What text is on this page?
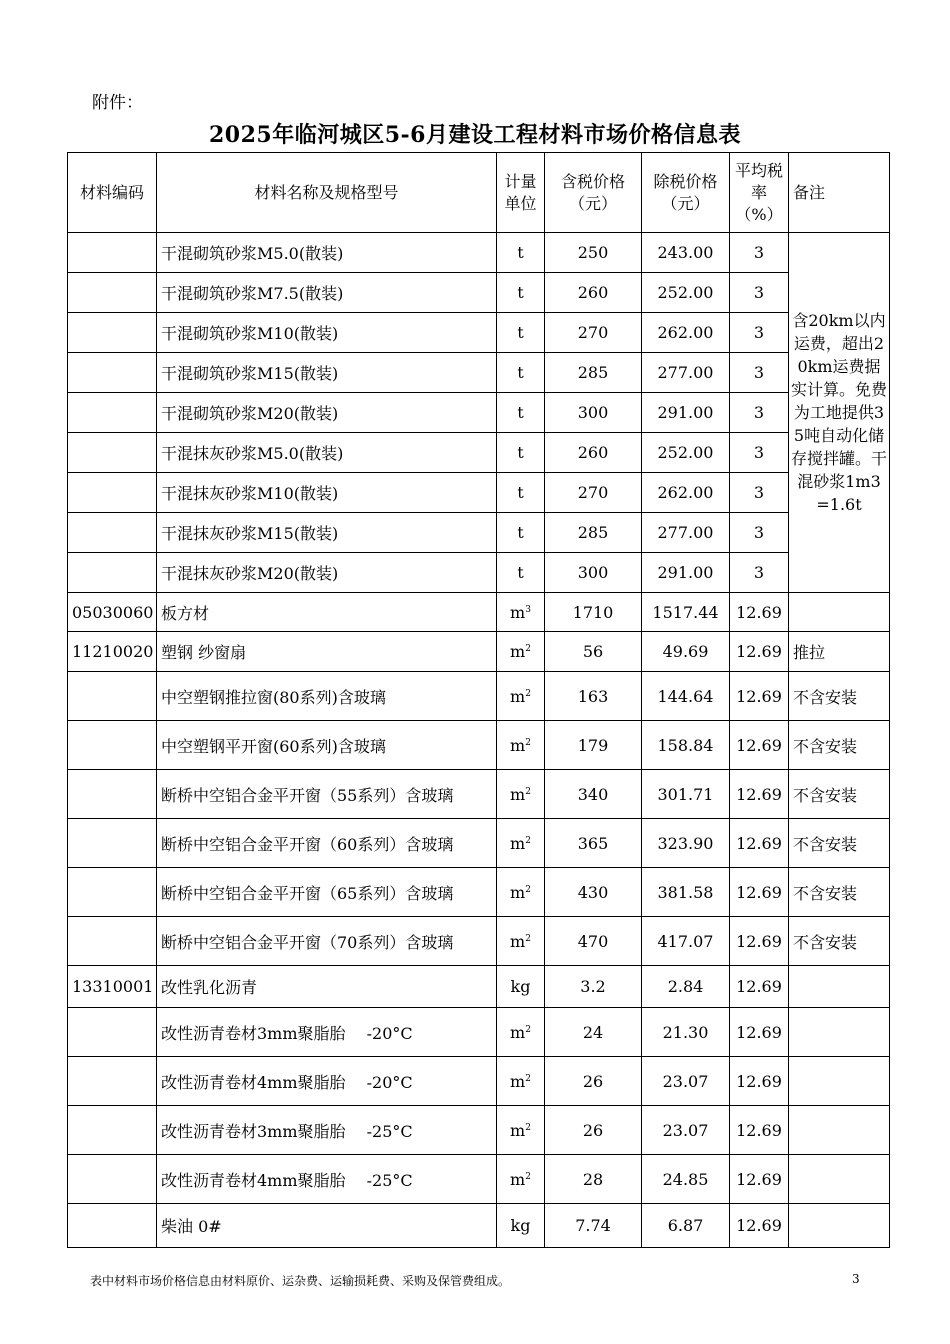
附件：
2025年临河城区5-6月建设工程材料市场价格信息表
材料编码	材料名称及规格型号	计量单位	含税价格（元）	除税价格（元）	平均税率（%）	备注
	干混砌筑砂浆M5.0(散装)	t	250	243.00	3	含20km以内运费，超出20km运费据实计算。免费为工地提供35吨自动化储存搅拌罐。干混砂浆1m3=1.6t
	干混砌筑砂浆M7.5(散装)	t	260	252.00	3	
	干混砌筑砂浆M10(散装)	t	270	262.00	3	
	干混砌筑砂浆M15(散装)	t	285	277.00	3	
	干混砌筑砂浆M20(散装)	t	300	291.00	3	
	干混抹灰砂浆M5.0(散装)	t	260	252.00	3	
	干混抹灰砂浆M10(散装)	t	270	262.00	3	
	干混抹灰砂浆M15(散装)	t	285	277.00	3	
	干混抹灰砂浆M20(散装)	t	300	291.00	3	
05030060	板方材	$m^3$	1710	1517.44	12.69	
11210020	塑钢 纱窗扇	$m^2$	56	49.69	12.69	推拉
	中空塑钢推拉窗(80系列)含玻璃	$m^2$	163	144.64	12.69	不含安装
	中空塑钢平开窗(60系列)含玻璃	$m^2$	179	158.84	12.69	不含安装
	断桥中空铝合金平开窗（55系列）含玻璃	$m^2$	340	301.71	12.69	不含安装
	断桥中空铝合金平开窗（60系列）含玻璃	$m^2$	365	323.90	12.69	不含安装
	断桥中空铝合金平开窗（65系列）含玻璃	$m^2$	430	381.58	12.69	不含安装
	断桥中空铝合金平开窗（70系列）含玻璃	$m^2$	470	417.07	12.69	不含安装
13310001	改性乳化沥青	kg	3.2	2.84	12.69	
	改性沥青卷材3mm聚脂胎　 -20°C	$m^2$	24	21.30	12.69	
	改性沥青卷材4mm聚脂胎　 -20°C	$m^2$	26	23.07	12.69	
	改性沥青卷材3mm聚脂胎　 -25°C	$m^2$	26	23.07	12.69	
	改性沥青卷材4mm聚脂胎　 -25°C	$m^2$	28	24.85	12.69	
	柴油 0#	kg	7.74	6.87	12.69	
表中材料市场价格信息由材料原价、运杂费、运输损耗费、采购及保管费组成。	3
